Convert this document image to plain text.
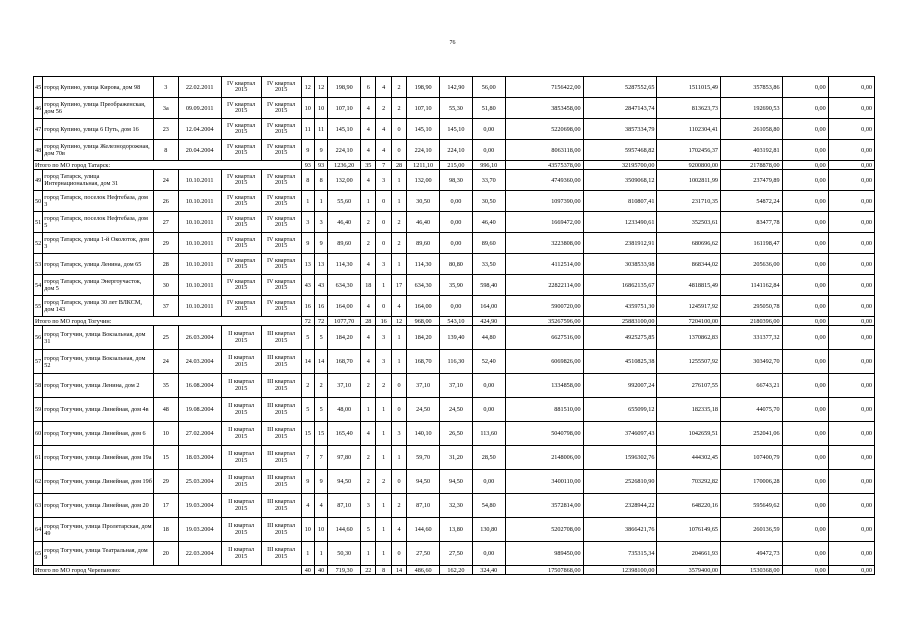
76
45	город Купино, улица Кирова, дом 98	3	22.02.2011	IV квартал 2015	IV квартал 2015	12	12	198,90	6	4	2	198,90	142,90	56,00	7156422,00	5287552,65	1511015,49	357853,86	0,00	0,00
46	город Купино, улица Преображенская, дом 56	3а	09.09.2011	IV квартал 2015	IV квартал 2015	10	10	107,10	4	2	2	107,10	55,30	51,80	3853458,00	2847143,74	813623,73	192690,53	0,00	0,00
47	город Купино, улица 6 Путь, дом 16	23	12.04.2004	IV квартал 2015	IV квартал 2015	11	11	145,10	4	4	0	145,10	145,10	0,00	5220698,00	3857334,79	1102304,41	261058,80	0,00	0,00
48	город Купино, улица Железнодорожная, дом 70в	8	20.04.2004	IV квартал 2015	IV квартал 2015	9	9	224,10	4	4	0	224,10	224,10	0,00	8063118,00	5957468,82	1702456,37	403192,81	0,00	0,00
Итого по МО город Татарск:						93	93	1236,20	35	7	28	1211,10	215,00	996,10	43575378,00	32195700,00	9200800,00	2178878,00	0,00	0,00
49	город Татарск, улица Интернациональная, дом 31	24	10.10.2011	IV квартал 2015	IV квартал 2015	8	8	132,00	4	3	1	132,00	98,30	33,70	4749360,00	3509068,12	1002811,99	237479,89	0,00	0,00
50	город Татарск, поселок Нефтебаза, дом 3	26	10.10.2011	IV квартал 2015	IV квартал 2015	1	1	55,60	1	0	1	30,50	0,00	30,50	1097390,00	810807,41	231710,35	54872,24	0,00	0,00
51	город Татарск, поселок Нефтебаза, дом 5	27	10.10.2011	IV квартал 2015	IV квартал 2015	3	3	46,40	2	0	2	46,40	0,00	46,40	1669472,00	1233490,61	352503,61	83477,78	0,00	0,00
52	город Татарск, улица 1-й Околоток, дом 3	29	10.10.2011	IV квартал 2015	IV квартал 2015	9	9	89,60	2	0	2	89,60	0,00	89,60	3223808,00	2381912,91	680696,62	161198,47	0,00	0,00
53	город Татарск, улица Ленина, дом 65	28	10.10.2011	IV квартал 2015	IV квартал 2015	13	13	114,30	4	3	1	114,30	80,80	33,50	4112514,00	3038533,98	868344,02	205636,00	0,00	0,00
54	город Татарск, улица Энергоучасток, дом 5	30	10.10.2011	IV квартал 2015	IV квартал 2015	43	43	634,30	18	1	17	634,30	35,90	598,40	22822114,00	16862135,67	4818815,49	1141162,84	0,00	0,00
55	город Татарск, улица 30 лет ВЛКСМ, дом 143	37	10.10.2011	IV квартал 2015	IV квартал 2015	16	16	164,00	4	0	4	164,00	0,00	164,00	5900720,00	4359751,30	1245917,92	295050,78	0,00	0,00
Итого по МО город Тогучин:						72	72	1077,70	28	16	12	968,00	543,10	424,90	35267596,00	25883100,00	7204100,00	2180396,00	0,00	0,00
56	город Тогучин, улица Вокзальная, дом 31	25	26.03.2004	II квартал 2015	III квартал 2015	5	5	184,20	4	3	1	184,20	139,40	44,80	6627516,00	4925275,85	1370862,83	331377,32	0,00	0,00
57	город Тогучин, улица Вокзальная, дом 52	24	24.03.2004	II квартал 2015	III квартал 2015	14	14	168,70	4	3	1	168,70	116,30	52,40	6069826,00	4510825,38	1255507,92	303492,70	0,00	0,00
58	город Тогучин, улица Ленина, дом 2	35	16.08.2004	II квартал 2015	III квартал 2015	2	2	37,10	2	2	0	37,10	37,10	0,00	1334858,00	992007,24	276107,55	66743,21	0,00	0,00
59	город Тогучин, улица Линейная, дом 4в	48	19.08.2004	II квартал 2015	III квартал 2015	5	5	48,00	1	1	0	24,50	24,50	0,00	881510,00	655099,12	182335,18	44075,70	0,00	0,00
60	город Тогучин, улица Линейная, дом 6	10	27.02.2004	II квартал 2015	III квартал 2015	15	15	165,40	4	1	3	140,10	26,50	113,60	5040798,00	3746097,43	1042659,51	252041,06	0,00	0,00
61	город Тогучин, улица Линейная, дом 19а	15	18.03.2004	II квартал 2015	III квартал 2015	7	7	97,80	2	1	1	59,70	31,20	28,50	2148006,00	1596302,76	444302,45	107400,79	0,00	0,00
62	город Тогучин, улица Линейная, дом 19б	29	25.03.2004	II квартал 2015	III квартал 2015	9	9	94,50	2	2	0	94,50	94,50	0,00	3400110,00	2526810,90	703292,82	170006,28	0,00	0,00
63	город Тогучин, улица Линейная, дом 20	17	19.03.2004	II квартал 2015	III квартал 2015	4	4	87,10	3	1	2	87,10	32,30	54,80	3572814,00	2328944,22	648220,16	595649,62	0,00	0,00
64	город Тогучин, улица Пролетарская, дом 49	18	19.03.2004	II квартал 2015	III квартал 2015	10	10	144,60	5	1	4	144,60	13,80	130,80	5202708,00	3866421,76	1076149,65	260136,59	0,00	0,00
65	город Тогучин, улица Театральная, дом 9	20	22.03.2004	II квартал 2015	III квартал 2015	1	1	50,30	1	1	0	27,50	27,50	0,00	989450,00	735315,34	204661,93	49472,73	0,00	0,00
Итого по МО город Черепаново:						40	40	719,30	22	8	14	486,60	162,20	324,40	17507868,00	12398100,00	3579400,00	1530368,00	0,00	0,00
